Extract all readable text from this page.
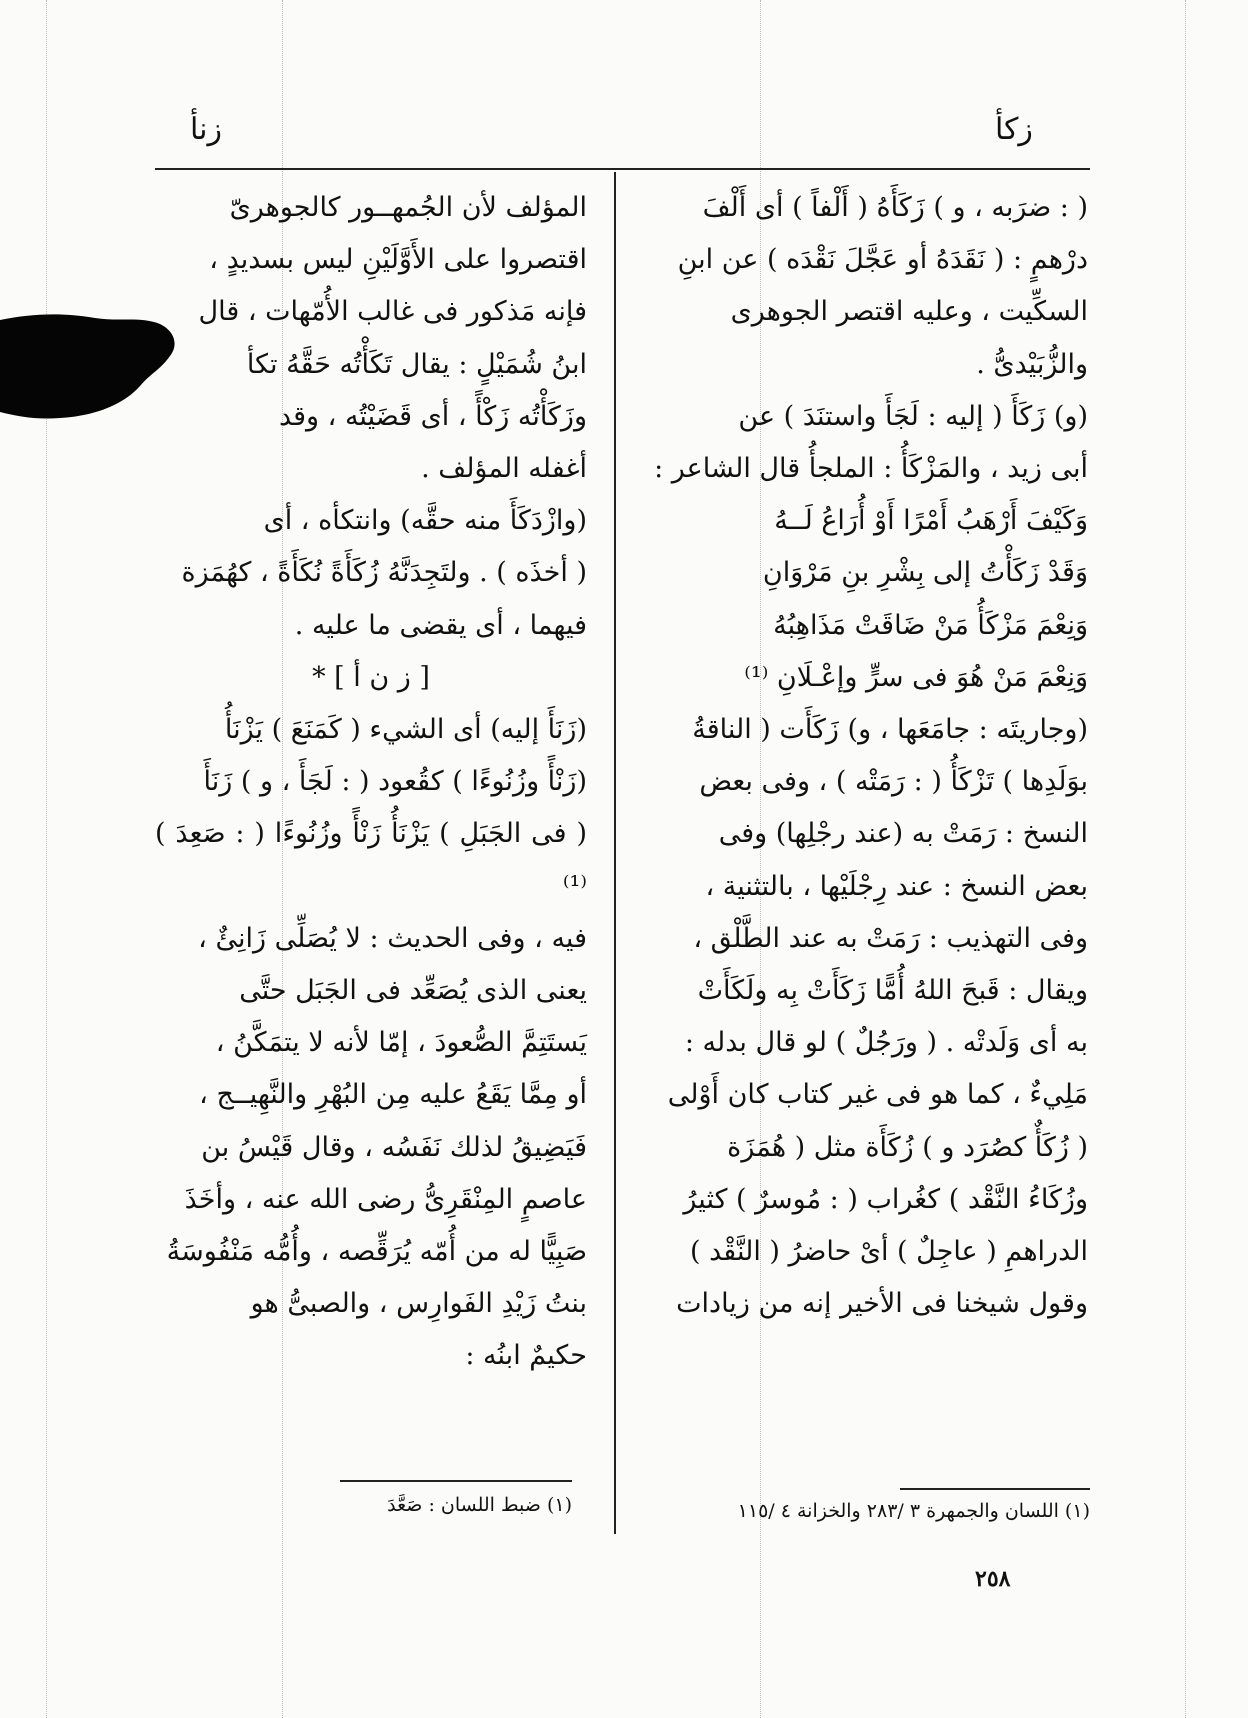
زكأ
زنأ

( : ضرَبه ، و ) زَكَأَهُ ( أَلْفاً ) أى أَلْفَ

درْهمٍ : ( نَقَدَهُ أو عَجَّلَ نَقْدَه ) عن ابنِ

السكِّيت ، وعليه اقتصر الجوهرى

والزُّبَيْدىُّ .

(و) زَكَأَ ( إليه : لَجَأَ واستنَدَ ) عن

أبى زيد ، والمَزْكَأُ : الملجأُ قال الشاعر :

وَكَيْفَ أَرْهَبُ أَمْرًا أَوْ أُرَاعُ لَــهُ

وَقَدْ زَكَأْتُ إلى بِشْرِ بنِ مَرْوَانِ

وَنِعْمَ مَزْكَأُ مَنْ ضَاقَتْ مَذَاهِبُهُ

وَنِعْمَ مَنْ هُوَ فى سرٍّ وإعْـلَانِ ⁽¹⁾

(وجاريتَه : جامَعَها ، و) زَكَأَت ( الناقةُ

بوَلَدِها ) تَزْكَأُ ( : رَمَتْه ) ، وفى بعض

النسخ : رَمَتْ به (عند رجْلِها) وفى

بعض النسخ : عند رِجْلَيْها ، بالتثنية ،

وفى التهذيب : رَمَتْ به عند الطَّلْق ،

ويقال : قَبحَ اللهُ أُمًّا زَكَأَتْ بِه ولَكَأَتْ

به أى وَلَدتْه . ( ورَجُلٌ ) لو قال بدله :

مَلِيءٌ ، كما هو فى غير كتاب كان أَوْلى

( زُكَأٌ كصُرَد و ) زُكَأَة مثل ( هُمَزَة

وزُكَاءُ النَّقْد ) كغُراب ( : مُوسرٌ ) كثيرُ

الدراهمِ ( عاجِلٌ ) أىْ حاضرُ ( النَّقْد )

وقول شيخنا فى الأخير إنه من زيادات

المؤلف لأن الجُمهــور كالجوهرىّ

اقتصروا على الأَوَّلَيْنِ ليس بسديدٍ ،

فإنه مَذكور فى غالب الأُمّهات ، قال

ابنُ شُمَيْلٍ : يقال تَكَأْتُه حَقَّهُ تكأ

وزَكَأْتُه زَكْأً ، أى قَضَيْتُه ، وقد

أغفله المؤلف .

(وازْدَكَأَ منه حقَّه) وانتكأه ، أى

( أخذَه ) . ولتَجِدَنَّهُ زُكَأَةً نُكَأَةً ، كهُمَزة

فيهما ، أى يقضى ما عليه .

[ ز ن أ ] *

(زَنَأَ إليه) أى الشيء ( كَمَنَعَ ) يَزْنَأُ

(زَنْأً وزُنُوءًا ) كقُعود ( : لَجَأَ ، و ) زَنَأَ

( فى الجَبَلِ ) يَزْنَأُ زَنْأً وزُنُوءًا ( : صَعِدَ ) ⁽¹⁾

فيه ، وفى الحديث : لا يُصَلِّى زَانِئٌ ،

يعنى الذى يُصَعِّد فى الجَبَل حتَّى

يَستَتِمَّ الصُّعودَ ، إمّا لأنه لا يتمَكَّنُ ،

أو مِمَّا يَقَعُ عليه مِن البُهْرِ والنَّهِيــج ،

فَيَضِيقُ لذلك نَفَسُه ، وقال قَيْسُ بن

عاصمٍ المِنْقَرِىُّ رضى الله عنه ، وأخَذَ

صَبِيًّا له من أُمّه يُرَقِّصه ، وأُمُّه مَنْفُوسَةُ

بنتُ زَيْدِ الفَوارِس ، والصبىُّ هو

حكيمٌ ابنُه :

(١) اللسان والجمهرة ٣ /٢٨٣ والخزانة ٤ /١١٥
(١) ضبط اللسان : صَعَّدَ
٢٥٨
